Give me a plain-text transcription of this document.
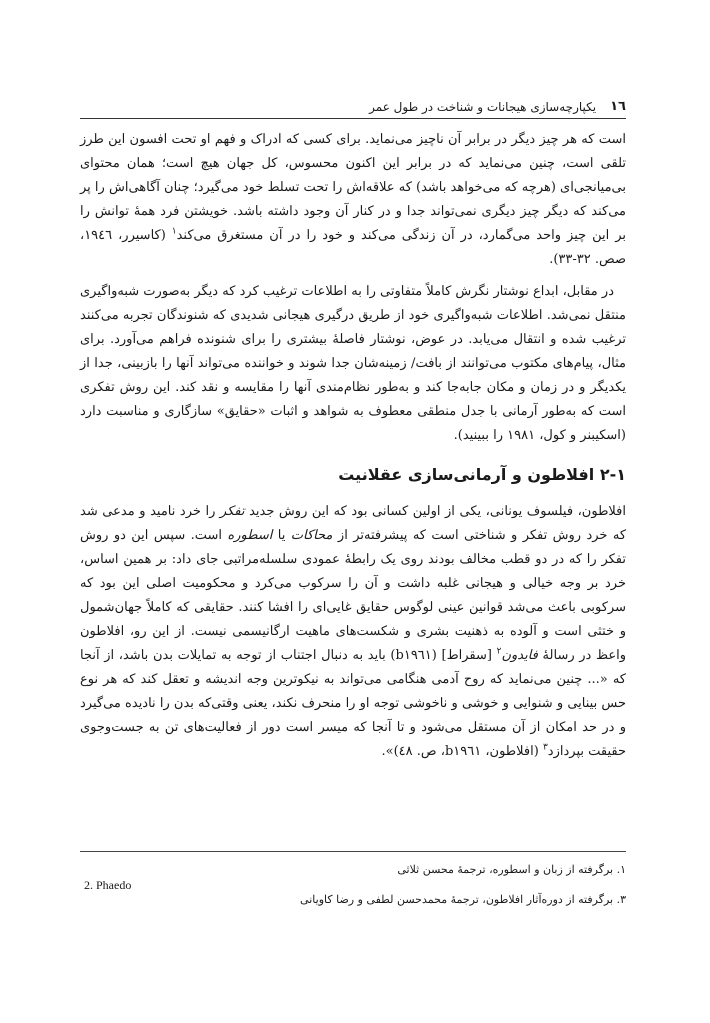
١٦
یکپارچه‌سازی هیجانات و شناخت در طول عمر

است که هر چیز دیگر در برابر آن ناچیز می‌نماید. برای کسی که ادراک و فهم او تحت افسون این طرز تلقی است، چنین می‌نماید که در برابر این اکنون محسوس، کل جهان هیچ است؛ همان محتوای بی‌میانجی‌ای (هرچه که می‌خواهد باشد) که علاقه‌اش را تحت تسلط خود می‌گیرد؛ چنان آگاهی‌اش را پر می‌کند که دیگر چیز دیگری نمی‌تواند جدا و در کنار آن وجود داشته باشد. خویشتن فرد همهٔ توانش را بر این چیز واحد می‌گمارد، در آن زندگی می‌کند و خود را در آن مستغرق می‌کند$^١$ (کاسیرر، ١٩٤٦، صص. ٣٢-٣٣).

در مقابل، ابداع نوشتار نگرش کاملاً متفاوتی را به اطلاعات ترغیب کرد که دیگر به‌صورت شبه‌واگیری منتقل نمی‌شد. اطلاعات شبه‌واگیری خود از طریق درگیری هیجانی شدیدی که شنوندگان تجربه می‌کنند ترغیب شده و انتقال می‌یابد. در عوض، نوشتار فاصلهٔ بیشتری را برای شنونده فراهم می‌آورد. برای مثال، پیام‌های مکتوب می‌توانند از بافت/ زمینه‌شان جدا شوند و خواننده می‌تواند آنها را بازبینی، جدا از یکدیگر و در زمان و مکان جابه‌جا کند و به‌طور نظام‌مندی آنها را مقایسه و نقد کند. این روش تفکری است که به‌طور آرمانی با جدل منطقی معطوف به شواهد و اثبات «حقایق» سازگاری و مناسبت دارد (اسکیبنر و کول، ١٩٨١ را ببینید).

١-٢ افلاطون و آرمانی‌سازی عقلانیت

افلاطون، فیلسوف یونانی، یکی از اولین کسانی بود که این روش جدید تفکر را خرد نامید و مدعی شد که خرد روش تفکر و شناختی است که پیشرفته‌تر از محاکات یا اسطوره است. سپس این دو روش تفکر را که در دو قطب مخالف بودند روی یک رابطهٔ عمودی سلسله‌مراتبی جای داد: بر همین اساس، خرد بر وجه خیالی و هیجانی غلبه داشت و آن را سرکوب می‌کرد و محکومیت اصلی این بود که سرکوبی باعث می‌شد قوانین عینی لوگوس حقایق غایی‌ای را افشا کنند. حقایقی که کاملاً جهان‌شمول و ختثی است و آلوده به ذهنیت بشری و شکست‌های ماهیت ارگانیسمی نیست. از این رو، افلاطون واعظ در رسالهٔ فایدون$^٢$ [سقراط] (b١٩٦١) باید به دنبال اجتناب از توجه به تمایلات بدن باشد، از آنجا که «... چنین می‌نماید که روح آدمی هنگامی می‌تواند به نیکوترین وجه اندیشه و تعقل کند که هر نوع حس بینایی و شنوایی و خوشی و ناخوشی توجه او را منحرف نکند، یعنی وقتی‌که بدن را نادیده می‌گیرد و در حد امکان از آن مستقل می‌شود و تا آنجا که میسر است دور از فعالیت‌های تن به جست‌وجوی حقیقت بپردازد$^٣$ (افلاطون، b١٩٦١، ص. ٤٨)».

١. برگرفته از زبان و اسطوره، ترجمهٔ محسن ثلاثی
2. Phaedo
٣. برگرفته از دوره‌آثار افلاطون، ترجمهٔ محمدحسن لطفی و رضا کاویانی
